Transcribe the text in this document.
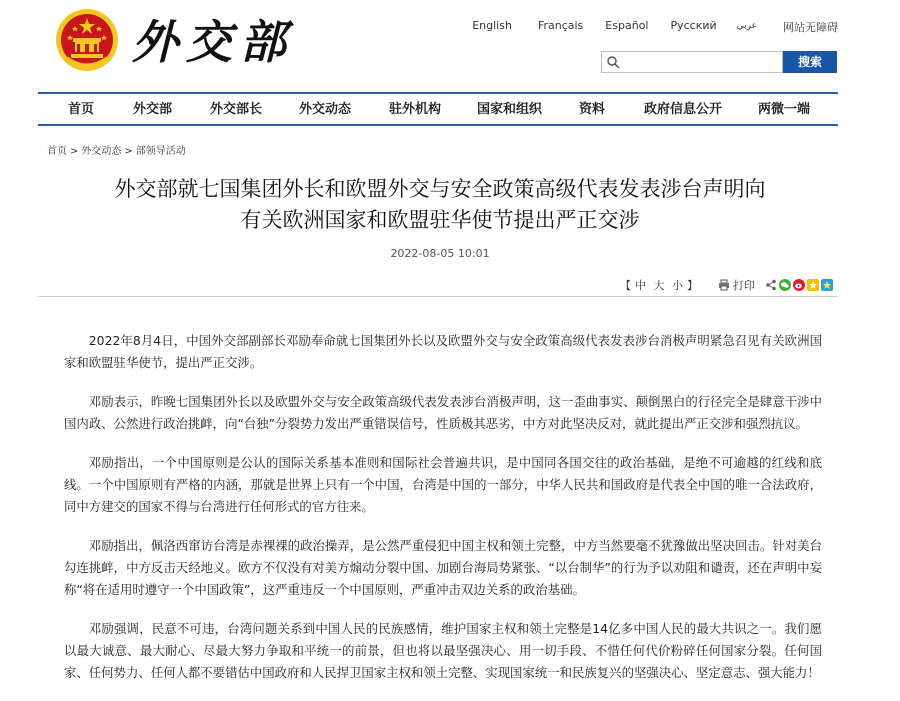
外交部	English Français Español Русский عربي 网站无障碍
搜索
首页	外交部	外交部长	外交动态	驻外机构	国家和组织	资料	政府信息公开	两微一端
首页 > 外交动态 > 部领导活动
外交部就七国集团外长和欧盟外交与安全政策高级代表发表涉台声明向
有关欧洲国家和欧盟驻华使节提出严正交涉
2022-08-05 10:01
【 中 大 小 】	打印

2022年8月4日，中国外交部副部长邓励奉命就七国集团外长以及欧盟外交与安全政策高级代表发表涉台消极声明紧急召见有关欧洲国家和欧盟驻华使节，提出严正交涉。

邓励表示，昨晚七国集团外长以及欧盟外交与安全政策高级代表发表涉台消极声明，这一歪曲事实、颠倒黑白的行径完全是肆意干涉中国内政、公然进行政治挑衅，向“台独”分裂势力发出严重错误信号，性质极其恶劣，中方对此坚决反对，就此提出严正交涉和强烈抗议。

邓励指出，一个中国原则是公认的国际关系基本准则和国际社会普遍共识，是中国同各国交往的政治基础，是绝不可逾越的红线和底线。一个中国原则有严格的内涵，那就是世界上只有一个中国，台湾是中国的一部分，中华人民共和国政府是代表全中国的唯一合法政府，同中方建交的国家不得与台湾进行任何形式的官方往来。

邓励指出，佩洛西窜访台湾是赤裸裸的政治操弄，是公然严重侵犯中国主权和领土完整，中方当然要毫不犹豫做出坚决回击。针对美台勾连挑衅，中方反击天经地义。欧方不仅没有对美方煽动分裂中国、加剧台海局势紧张、“以台制华”的行为予以劝阻和谴责，还在声明中妄称“将在适用时遵守一个中国政策”，这严重违反一个中国原则，严重冲击双边关系的政治基础。

邓励强调，民意不可违，台湾问题关系到中国人民的民族感情，维护国家主权和领土完整是14亿多中国人民的最大共识之一。我们愿以最大诚意、最大耐心、尽最大努力争取和平统一的前景，但也将以最坚强决心、用一切手段、不惜任何代价粉碎任何国家分裂。任何国家、任何势力、任何人都不要错估中国政府和人民捍卫国家主权和领土完整、实现国家统一和民族复兴的坚强决心、坚定意志、强大能力！
